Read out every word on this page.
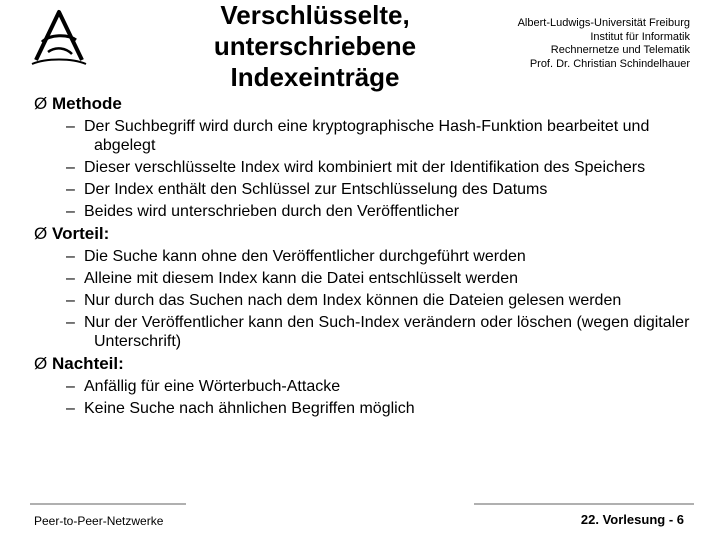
Verschlüsselte,
unterschriebene
Indexeinträge
Albert-Ludwigs-Universität Freiburg
Institut für Informatik
Rechnernetze und Telematik
Prof. Dr. Christian Schindelhauer
Ø Methode
– Der Suchbegriff wird durch eine kryptographische Hash-Funktion bearbeitet und abgelegt
– Dieser verschlüsselte Index wird kombiniert mit der Identifikation des Speichers
– Der Index enthält den Schlüssel zur Entschlüsselung des Datums
– Beides wird unterschrieben durch den Veröffentlicher
Ø Vorteil:
– Die Suche kann ohne den Veröffentlicher durchgeführt werden
– Alleine mit diesem Index kann die Datei entschlüsselt werden
– Nur durch das Suchen nach dem Index können die Dateien gelesen werden
– Nur der Veröffentlicher kann den Such-Index verändern oder löschen (wegen digitaler Unterschrift)
Ø Nachteil:
– Anfällig für eine Wörterbuch-Attacke
– Keine Suche nach ähnlichen Begriffen möglich
Peer-to-Peer-Netzwerke	22. Vorlesung - 6
